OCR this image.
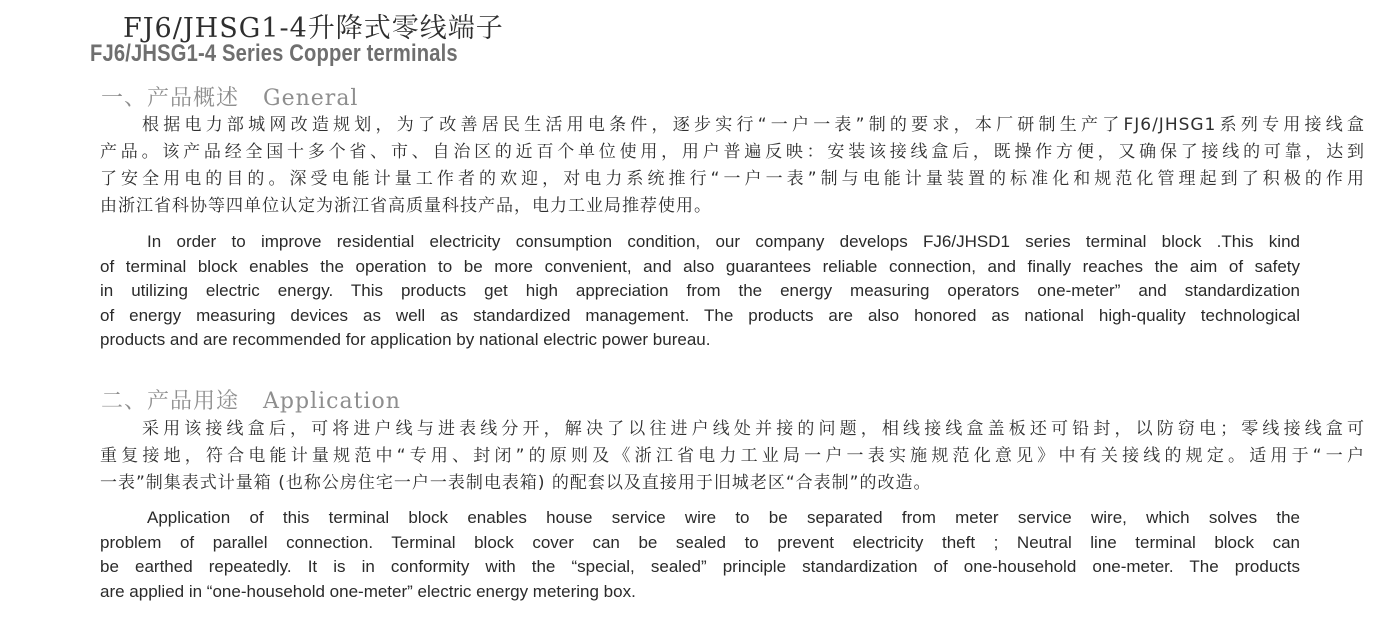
FJ6/JHSG1-4升降式零线端子
FJ6/JHSG1-4 Series Copper terminals
一、产品概述 General
根据电力部城网改造规划，为了改善居民生活用电条件，逐步实行“一户一表”制的要求，本厂研制生产了FJ6/JHSG1系列专用接线盒
产品。该产品经全国十多个省、市、自治区的近百个单位使用，用户普遍反映：安装该接线盒后，既操作方便，又确保了接线的可靠，达到
了安全用电的目的。深受电能计量工作者的欢迎，对电力系统推行“一户一表”制与电能计量装置的标准化和规范化管理起到了积极的作用
由浙江省科协等四单位认定为浙江省高质量科技产品，电力工业局推荐使用。
In order to improve residential electricity consumption condition, our company develops FJ6/JHSD1 series terminal block .This kind
of terminal block enables the operation to be more convenient, and also guarantees reliable connection, and finally reaches the aim of safety
in utilizing electric energy. This products get high appreciation from the energy measuring operators one-meter” and standardization
of energy measuring devices as well as standardized management. The products are also honored as national high-quality technological
products and are recommended for application by national electric power bureau.
二、产品用途 Application
采用该接线盒后，可将进户线与进表线分开，解决了以往进户线处并接的问题，相线接线盒盖板还可铅封，以防窃电；零线接线盒可
重复接地，符合电能计量规范中“专用、封闭”的原则及《浙江省电力工业局一户一表实施规范化意见》中有关接线的规定。适用于“一户
一表”制集表式计量箱 (也称公房住宅一户一表制电表箱) 的配套以及直接用于旧城老区“合表制”的改造。
Application of this terminal block enables house service wire to be separated from meter service wire, which solves the
problem of parallel connection. Terminal block cover can be sealed to prevent electricity theft ; Neutral line terminal block can
be earthed repeatedly. It is in conformity with the “special, sealed” principle standardization of one-household one-meter. The products
are applied in “one-household one-meter” electric energy metering box.
